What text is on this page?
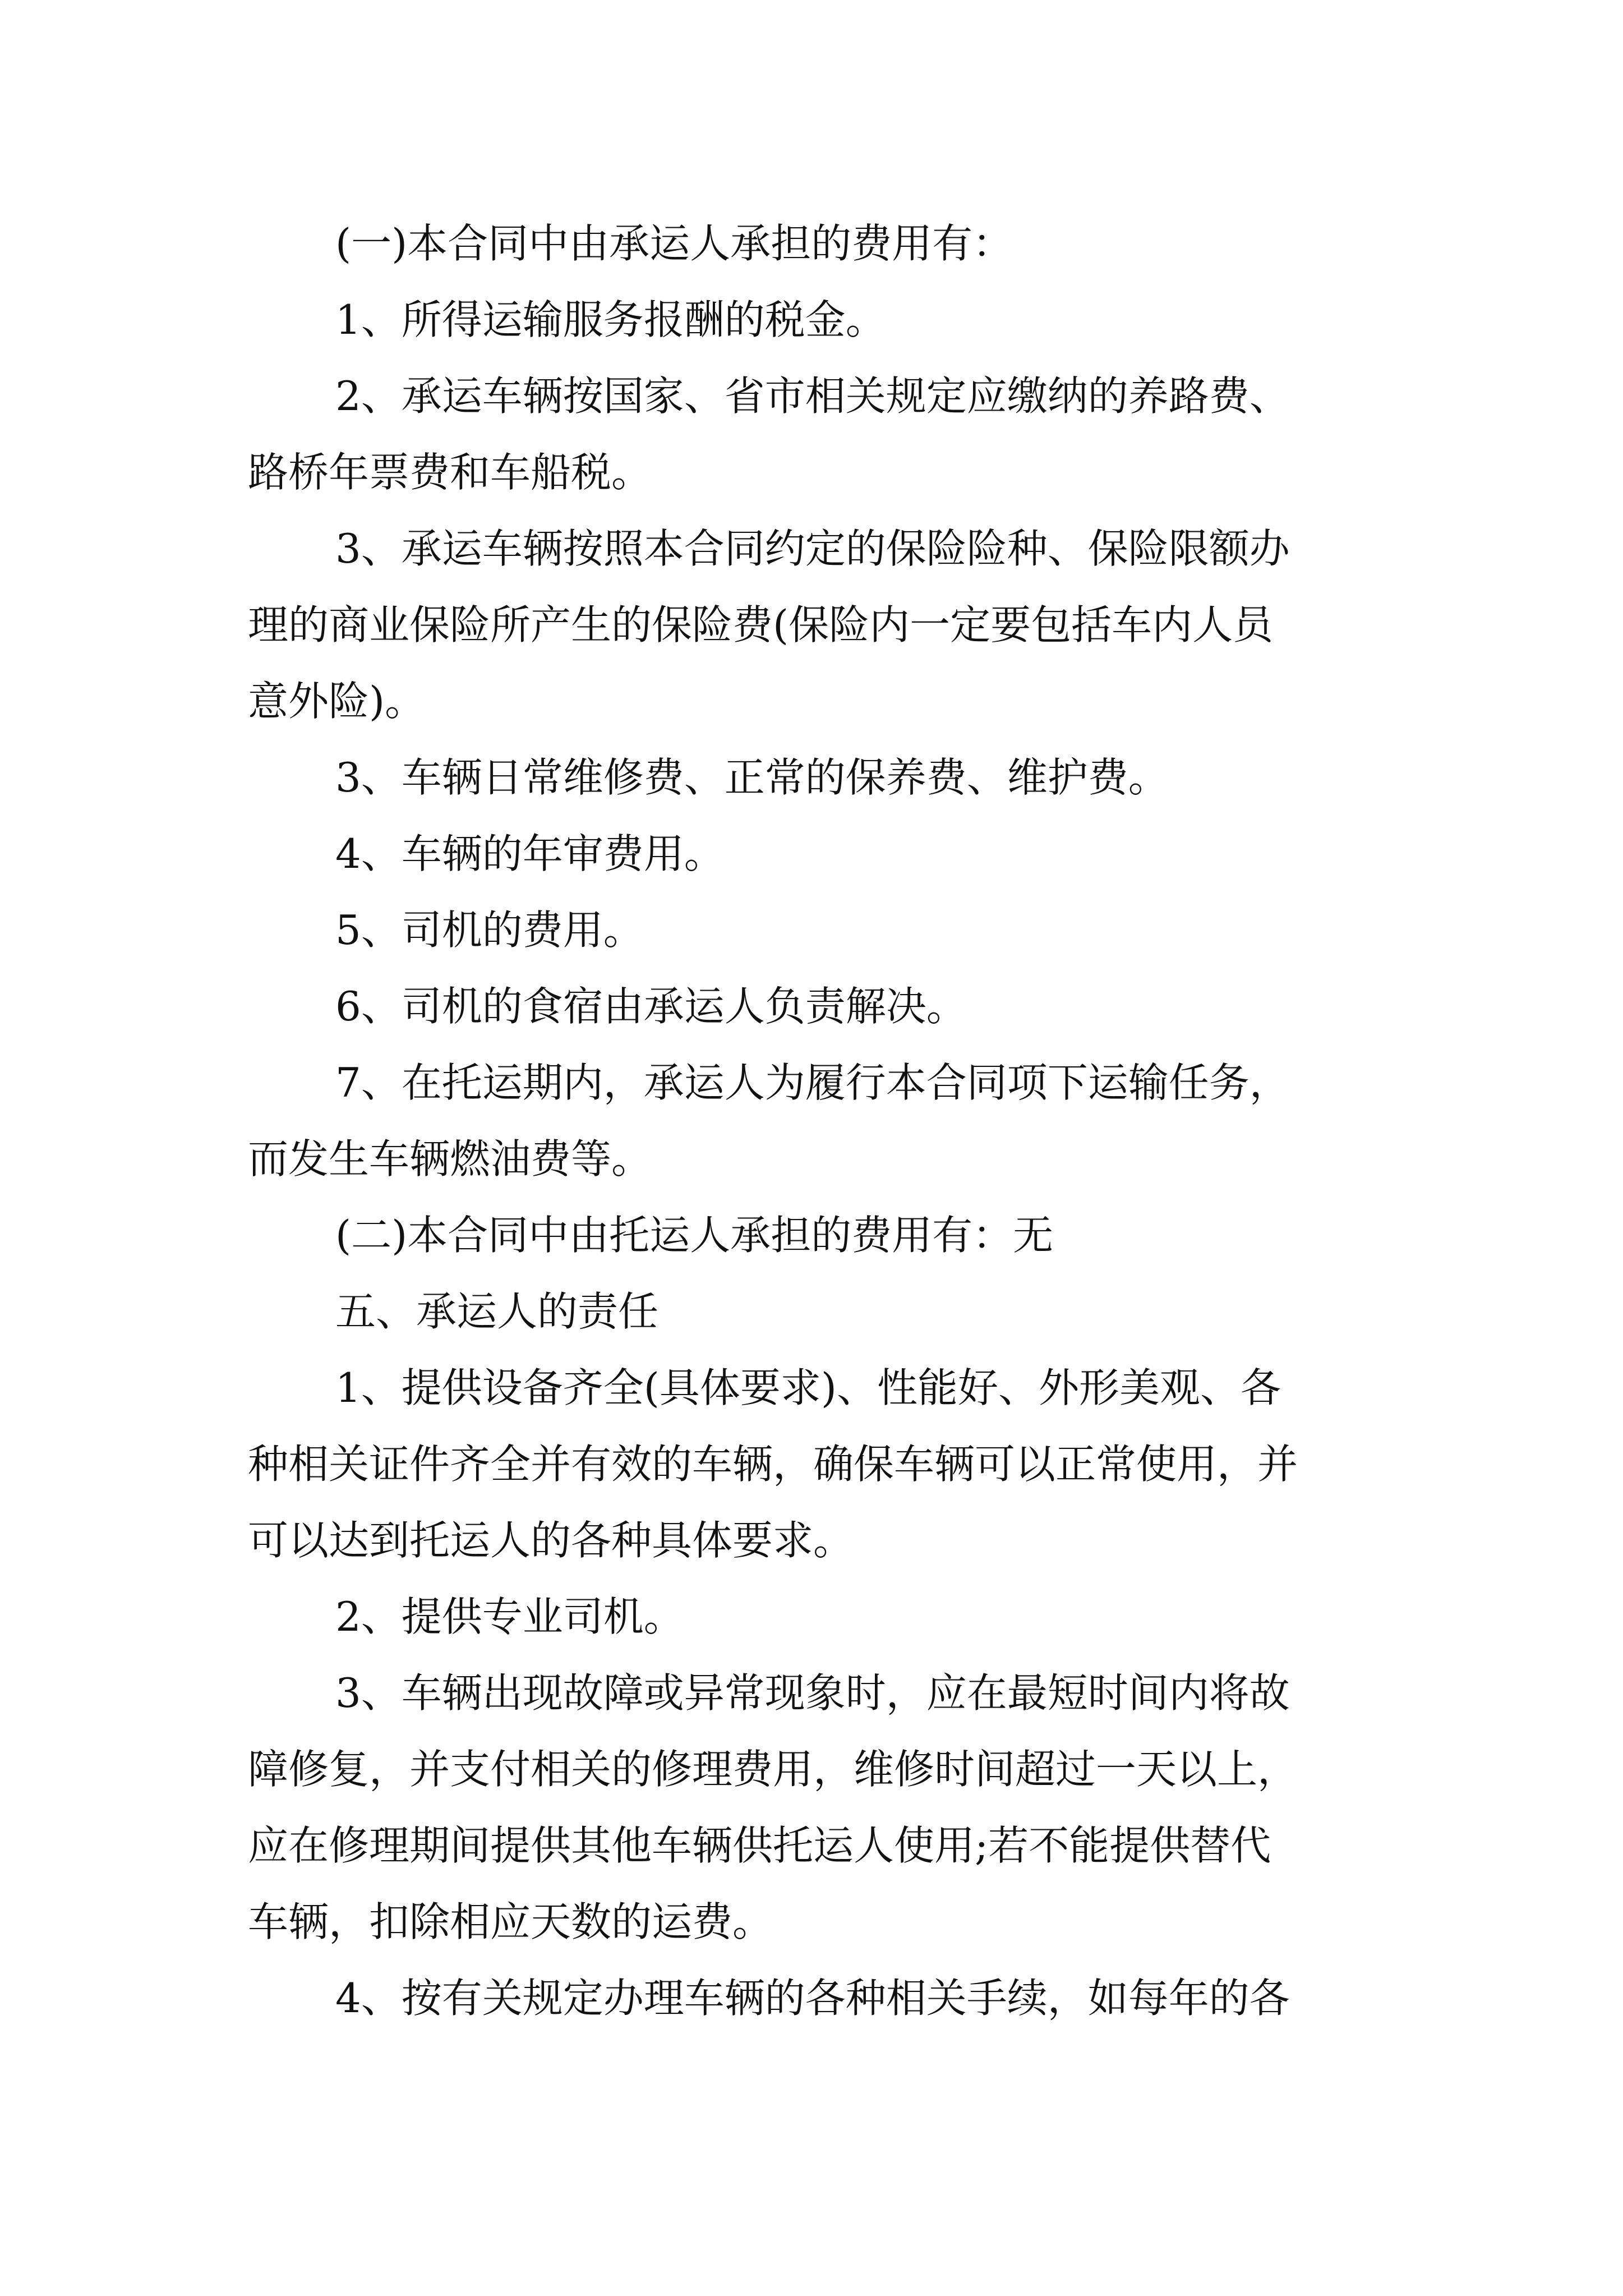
(一)本合同中由承运人承担的费用有：

1、所得运输服务报酬的税金。

2、承运车辆按国家、省市相关规定应缴纳的养路费、

路桥年票费和车船税。

3、承运车辆按照本合同约定的保险险种、保险限额办

理的商业保险所产生的保险费(保险内一定要包括车内人员

意外险)。

3、车辆日常维修费、正常的保养费、维护费。

4、车辆的年审费用。

5、司机的费用。

6、司机的食宿由承运人负责解决。

7、在托运期内，承运人为履行本合同项下运输任务，

而发生车辆燃油费等。

(二)本合同中由托运人承担的费用有：无

五、承运人的责任

1、提供设备齐全(具体要求)、性能好、外形美观、各

种相关证件齐全并有效的车辆，确保车辆可以正常使用，并

可以达到托运人的各种具体要求。

2、提供专业司机。

3、车辆出现故障或异常现象时，应在最短时间内将故

障修复，并支付相关的修理费用，维修时间超过一天以上，

应在修理期间提供其他车辆供托运人使用;若不能提供替代

车辆，扣除相应天数的运费。

4、按有关规定办理车辆的各种相关手续，如每年的各
